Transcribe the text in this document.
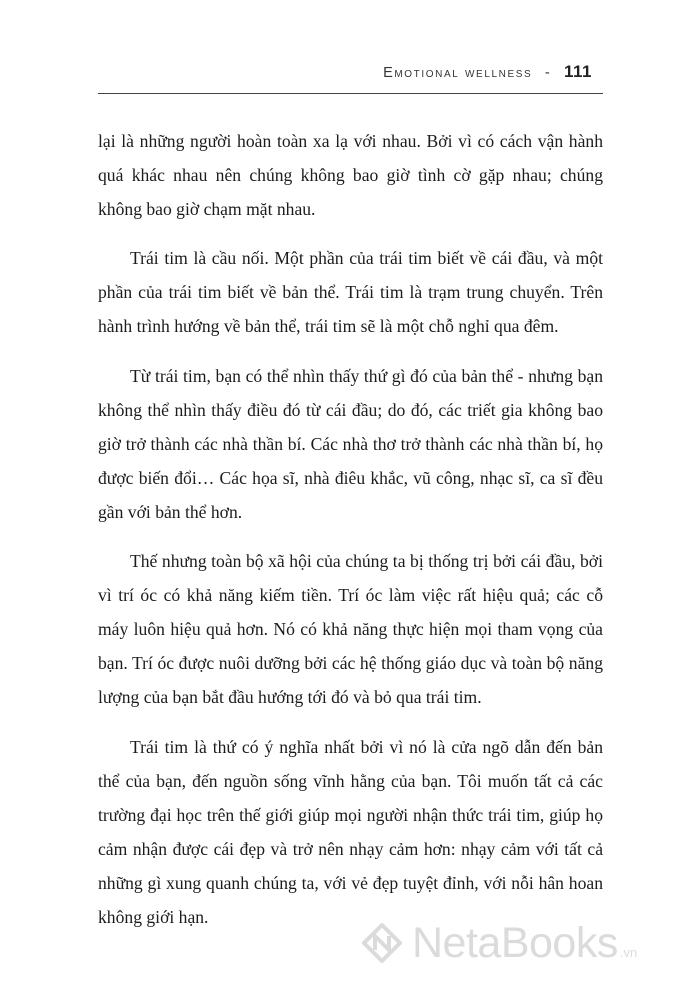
Emotional wellness - 111

lại là những người hoàn toàn xa lạ với nhau. Bởi vì có cách vận hành quá khác nhau nên chúng không bao giờ tình cờ gặp nhau; chúng không bao giờ chạm mặt nhau.

Trái tim là cầu nối. Một phần của trái tim biết về cái đầu, và một phần của trái tim biết về bản thể. Trái tim là trạm trung chuyển. Trên hành trình hướng về bản thể, trái tim sẽ là một chỗ nghỉ qua đêm.

Từ trái tim, bạn có thể nhìn thấy thứ gì đó của bản thể - nhưng bạn không thể nhìn thấy điều đó từ cái đầu; do đó, các triết gia không bao giờ trở thành các nhà thần bí. Các nhà thơ trở thành các nhà thần bí, họ được biến đổi… Các họa sĩ, nhà điêu khắc, vũ công, nhạc sĩ, ca sĩ đều gần với bản thể hơn.

Thế nhưng toàn bộ xã hội của chúng ta bị thống trị bởi cái đầu, bởi vì trí óc có khả năng kiếm tiền. Trí óc làm việc rất hiệu quả; các cỗ máy luôn hiệu quả hơn. Nó có khả năng thực hiện mọi tham vọng của bạn. Trí óc được nuôi dưỡng bởi các hệ thống giáo dục và toàn bộ năng lượng của bạn bắt đầu hướng tới đó và bỏ qua trái tim.

Trái tim là thứ có ý nghĩa nhất bởi vì nó là cửa ngõ dẫn đến bản thể của bạn, đến nguồn sống vĩnh hằng của bạn. Tôi muốn tất cả các trường đại học trên thế giới giúp mọi người nhận thức trái tim, giúp họ cảm nhận được cái đẹp và trở nên nhạy cảm hơn: nhạy cảm với tất cả những gì xung quanh chúng ta, với vẻ đẹp tuyệt đỉnh, với nỗi hân hoan không giới hạn.

NetaBooks .vn
